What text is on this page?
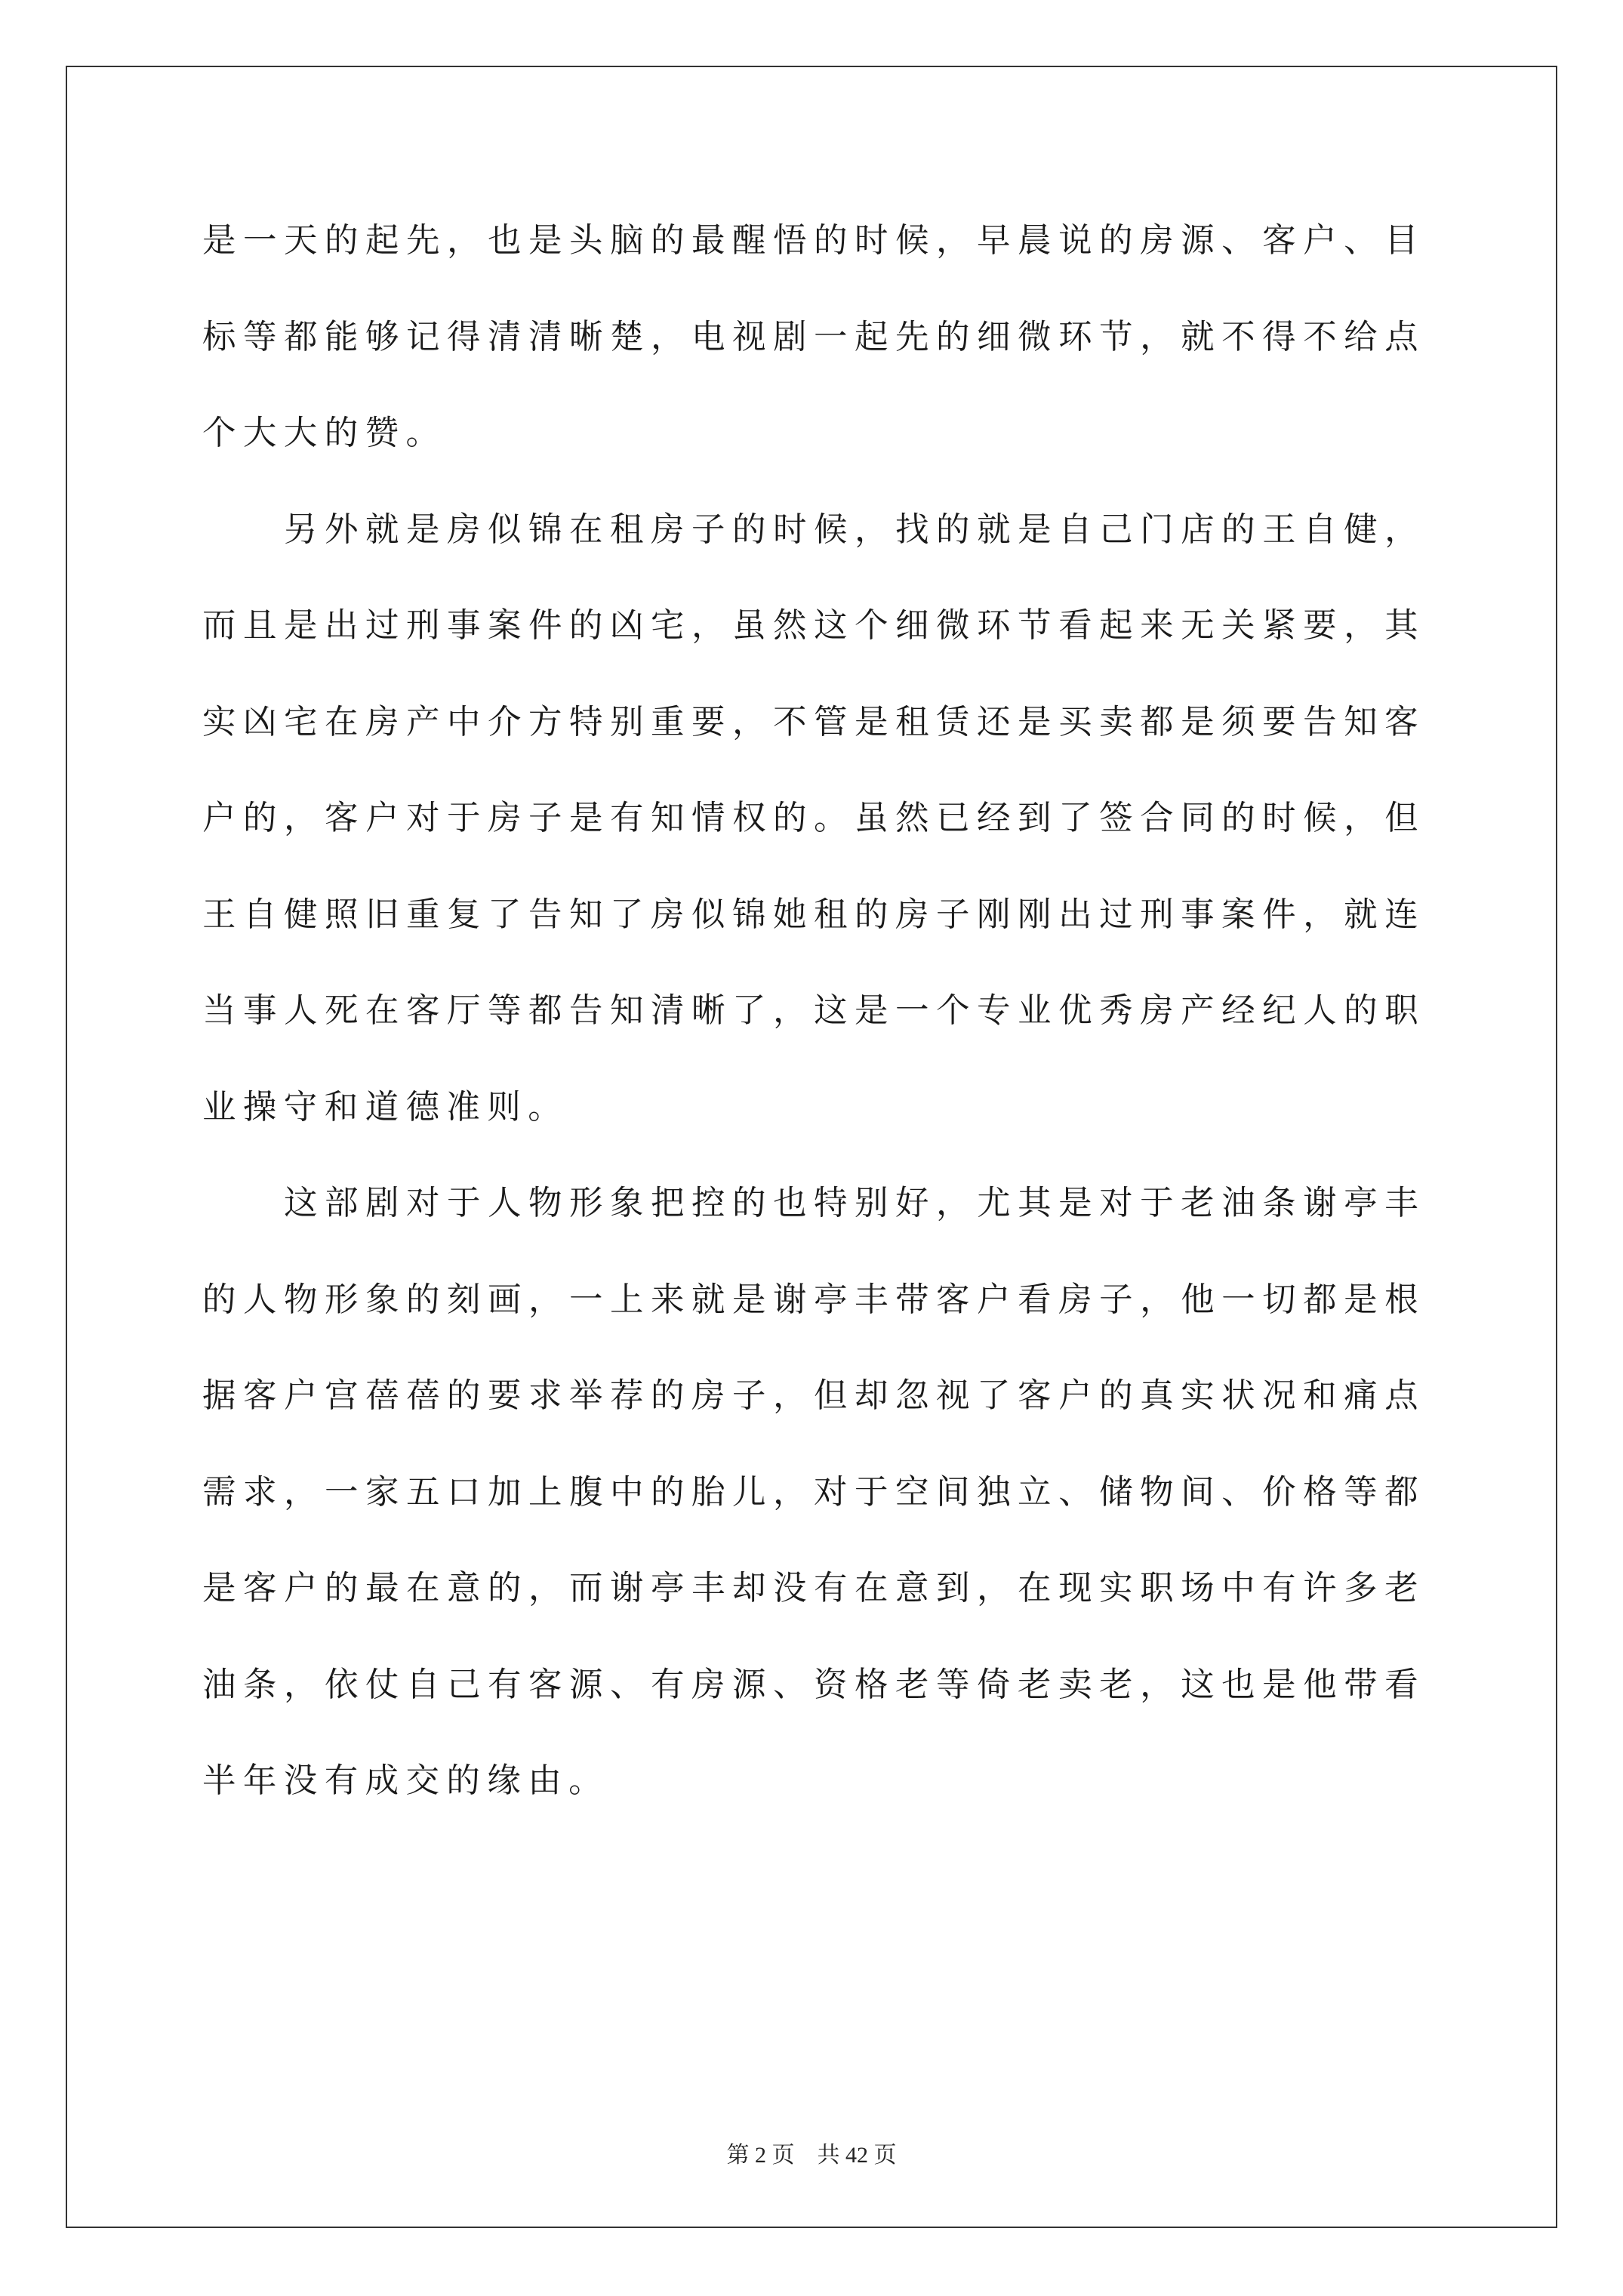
是一天的起先，也是头脑的最醒悟的时候，早晨说的房源、客户、目标等都能够记得清清晰楚，电视剧一起先的细微环节，就不得不给点个大大的赞。

另外就是房似锦在租房子的时候，找的就是自己门店的王自健，而且是出过刑事案件的凶宅，虽然这个细微环节看起来无关紧要，其实凶宅在房产中介方特别重要，不管是租赁还是买卖都是须要告知客户的，客户对于房子是有知情权的。虽然已经到了签合同的时候，但王自健照旧重复了告知了房似锦她租的房子刚刚出过刑事案件，就连当事人死在客厅等都告知清晰了，这是一个专业优秀房产经纪人的职业操守和道德准则。

这部剧对于人物形象把控的也特别好，尤其是对于老油条谢亭丰的人物形象的刻画，一上来就是谢亭丰带客户看房子，他一切都是根据客户宫蓓蓓的要求举荐的房子，但却忽视了客户的真实状况和痛点需求，一家五口加上腹中的胎儿，对于空间独立、储物间、价格等都是客户的最在意的，而谢亭丰却没有在意到，在现实职场中有许多老油条，依仗自己有客源、有房源、资格老等倚老卖老，这也是他带看半年没有成交的缘由。

第 2 页    共 42 页
